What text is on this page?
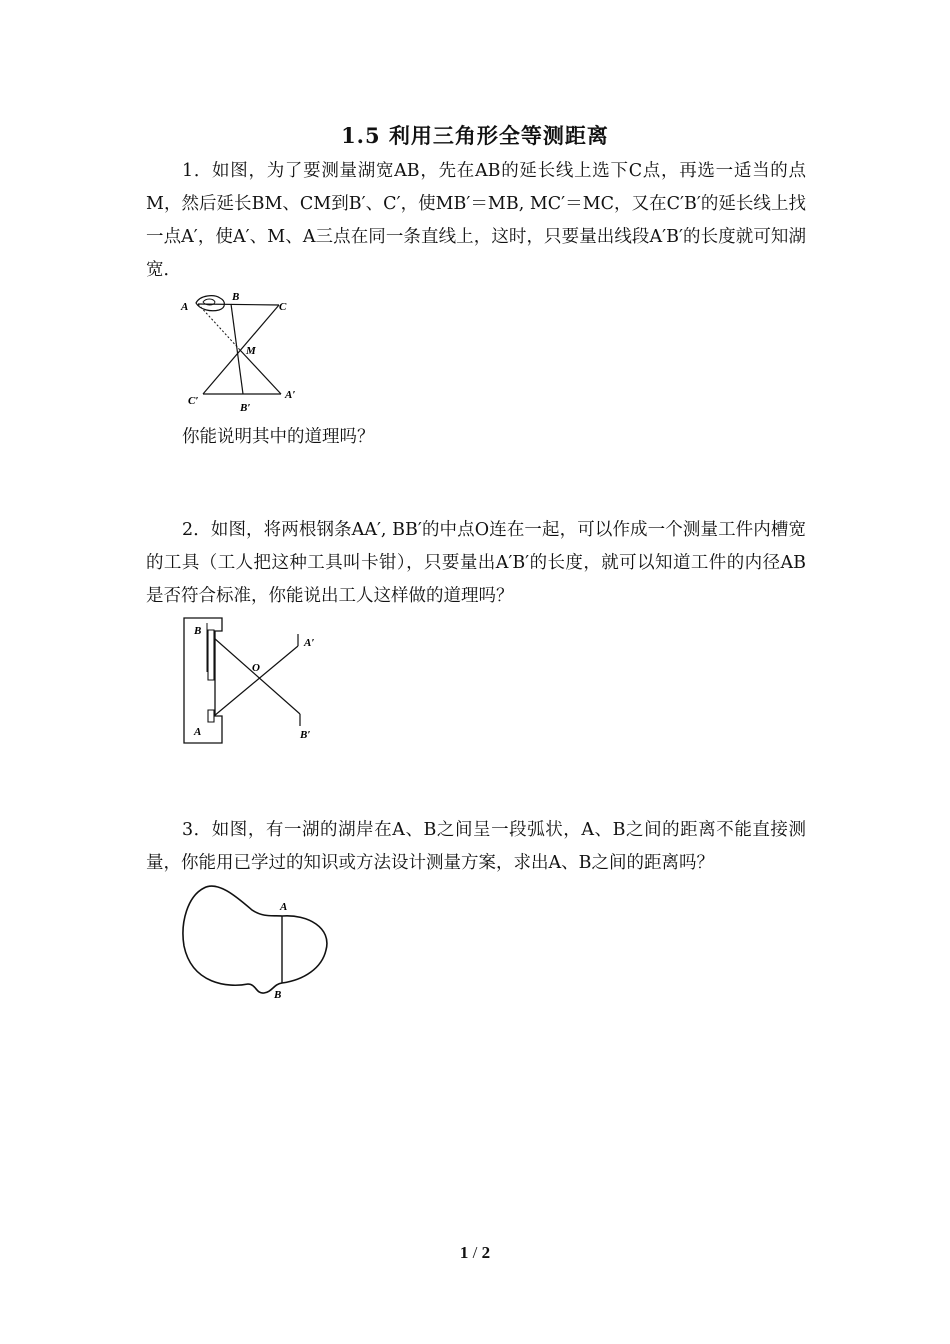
1.5 利用三角形全等测距离
1．如图，为了要测量湖宽AB，先在AB的延长线上选下C点，再选一适当的点M，然后延长BM、CM到B′、C′，使MB′＝MB, MC′＝MC，又在C′B′的延长线上找一点A′，使A′、M、A三点在同一条直线上，这时，只要量出线段A′B′的长度就可知湖宽．
A
B
C
M
C′
B′
A′
你能说明其中的道理吗？
2．如图，将两根钢条AA′, BB′的中点O连在一起，可以作成一个测量工件内槽宽的工具（工人把这种工具叫卡钳），只要量出A′B′的长度，就可以知道工件的内径AB是否符合标准，你能说出工人这样做的道理吗？
B
A
O
A′
B′
3．如图，有一湖的湖岸在A、B之间呈一段弧状，A、B之间的距离不能直接测量，你能用已学过的知识或方法设计测量方案，求出A、B之间的距离吗？
A
B
1 / 2
